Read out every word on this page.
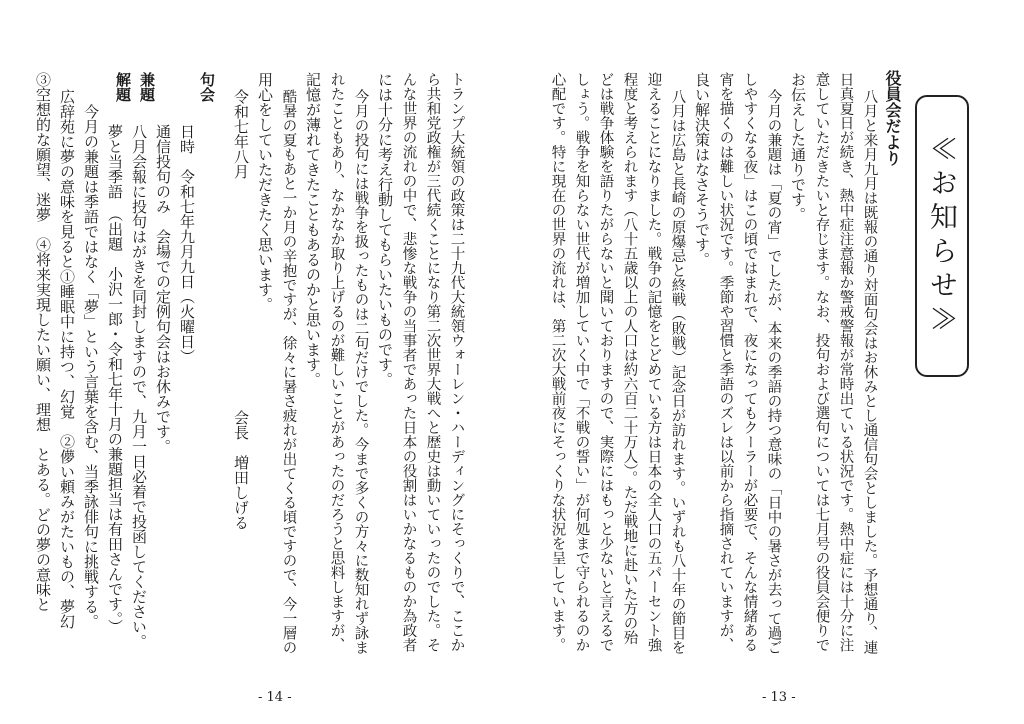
≪お知らせ≫
役員会だより
八月と来月九月は既報の通り対面句会はお休みとし通信句会としました。予想通り、連
日真夏日が続き、熱中症注意報か警戒警報が常時出ている状況です。熱中症には十分に注
意していただきたいと存じます。なお、投句および選句については七月号の役員会便りで
お伝えした通りです。
今月の兼題は「夏の宵」でしたが、本来の季語の持つ意味の「日中の暑さが去って過ご
しやすくなる夜」はこの頃ではまれで、夜になってもクーラーが必要で、そんな情緒ある
宵を描くのは難しい状況です。季節や習慣と季語のズレは以前から指摘されていますが、
良い解決策はなさそうです。
八月は広島と長崎の原爆忌と終戦（敗戦）記念日が訪れます。いずれも八十年の節目を
迎えることになりました。戦争の記憶をとどめている方は日本の全人口の五パーセント強
程度と考えられます（八十五歳以上の人口は約六百二十万人）。ただ戦地に赴いた方の殆
どは戦争体験を語りたがらないと聞いておりますので、実際にはもっと少ないと言えるで
しょう。戦争を知らない世代が増加していく中で「不戦の誓い」が何処まで守られるのか
心配です。特に現在の世界の流れは、第二次大戦前夜にそっくりな状況を呈しています。
- 13 -
トランプ大統領の政策は二十九代大統領ウォーレン・ハーディングにそっくりで、ここか
ら共和党政権が三代続くことになり第二次世界大戦へと歴史は動いていったのでした。そ
んな世界の流れの中で、悲惨な戦争の当事者であった日本の役割はいかなるものか為政者
には十分に考え行動してもらいたいものです。
今月の投句には戦争を扱ったものは二句だけでした。今まで多くの方々に数知れず詠ま
れたこともあり、なかなか取り上げるのが難しいことがあったのだろうと思料しますが、
記憶が薄れてきたこともあるのかと思います。
酷暑の夏もあと一か月の辛抱ですが、徐々に暑さ疲れが出てくる頃ですので、今一層の
用心をしていただきたく思います。
令和七年八月
会長　増田しげる
句会
日時　令和七年九月九日（火曜日）
通信投句のみ　会場での定例句会はお休みです。
八月会報に投句はがきを同封しますので、九月一日必着で投函してください。
夢と当季語　（出題　小沢一郎・令和七年十月の兼題担当は有田さんです。）
兼題
解題
今月の兼題は季語ではなく「夢」という言葉を含む、当季詠俳句に挑戦する。
広辞苑に夢の意味を見ると①睡眠中に持つ、幻覚　②儚い頼みがたいもの、夢幻
③空想的な願望、迷夢　④将来実現したい願い、理想　とある。どの夢の意味と
- 14 -
